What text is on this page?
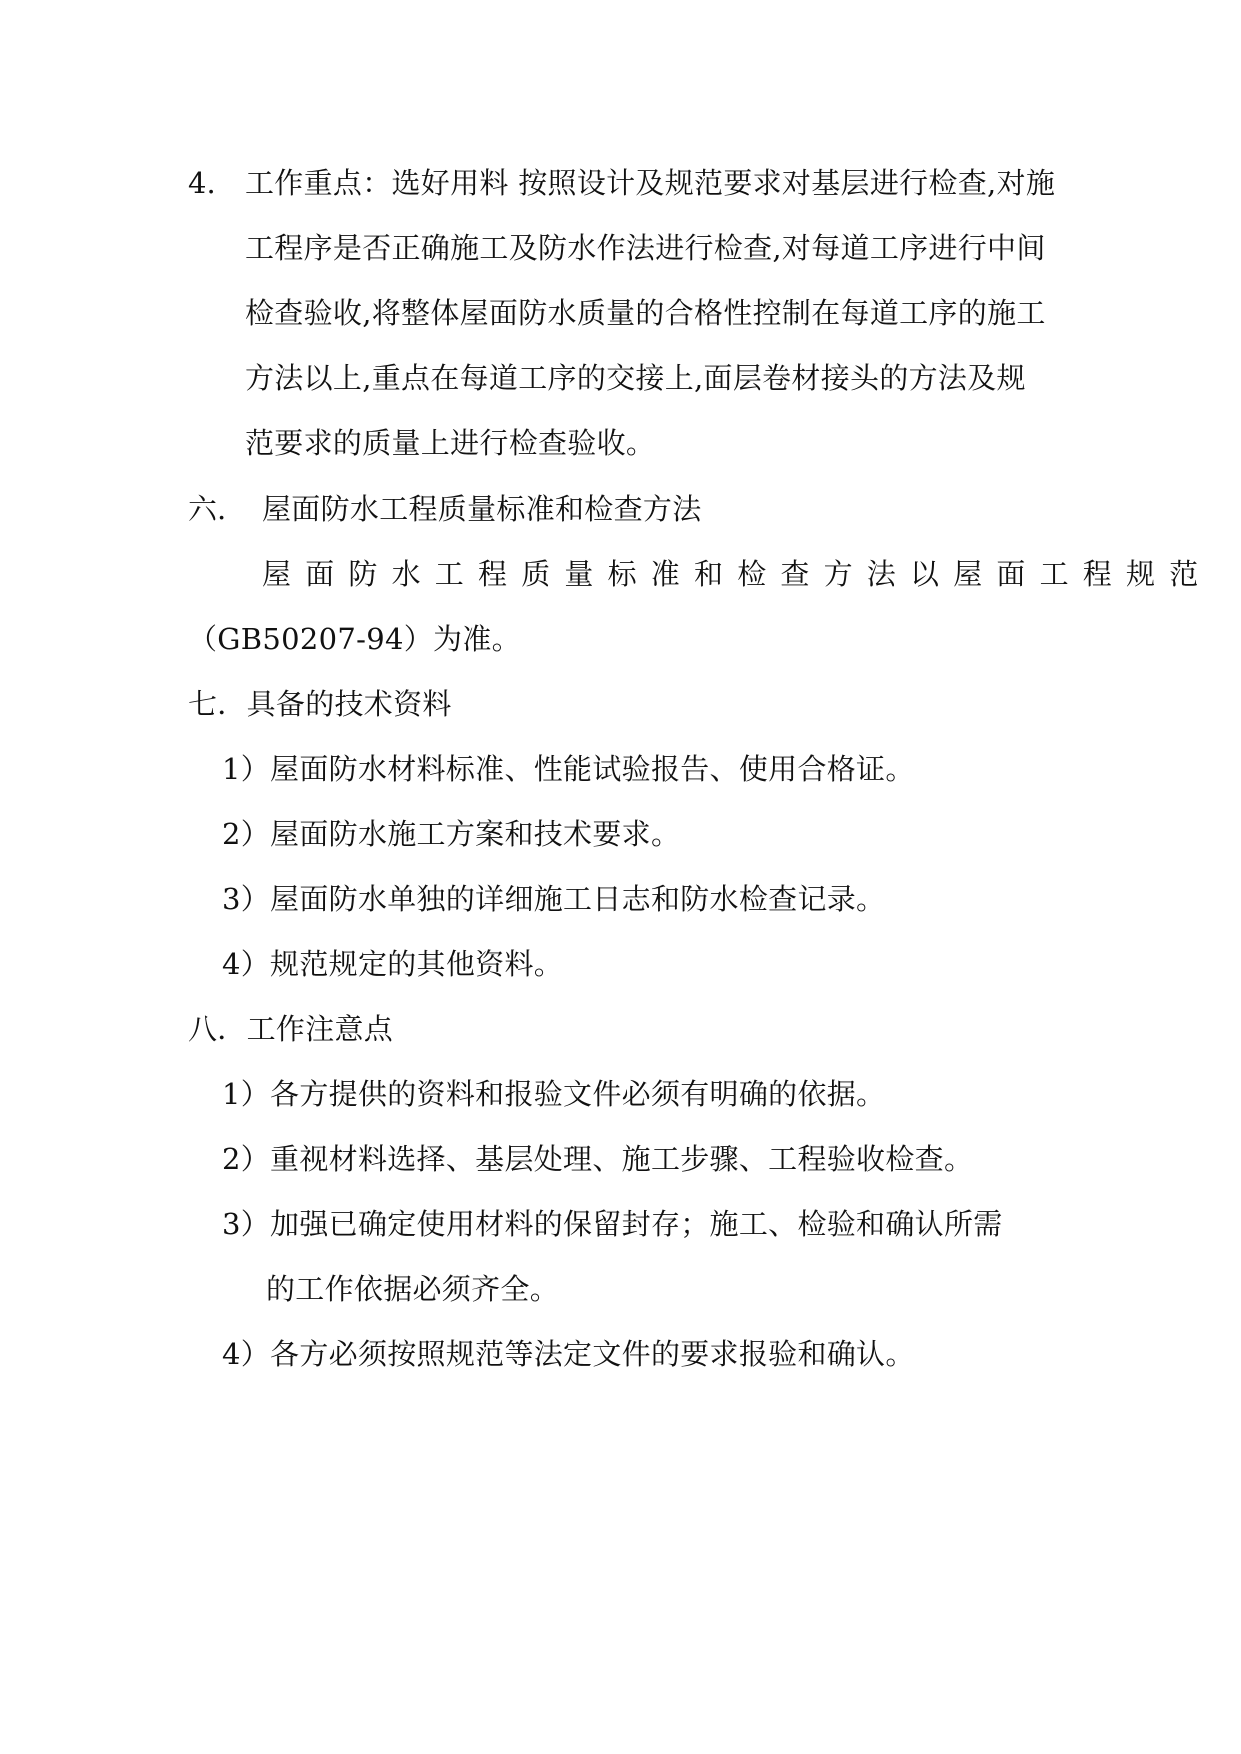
4. 工作重点：选好用料 按照设计及规范要求对基层进行检查,对施
工程序是否正确施工及防水作法进行检查,对每道工序进行中间
检查验收,将整体屋面防水质量的合格性控制在每道工序的施工
方法以上,重点在每道工序的交接上,面层卷材接头的方法及规
范要求的质量上进行检查验收。
六. 屋面防水工程质量标准和检查方法
屋面防水工程质量标准和检查方法以屋面工程规范
（GB50207-94）为准。
七．具备的技术资料
1）屋面防水材料标准、性能试验报告、使用合格证。
2）屋面防水施工方案和技术要求。
3）屋面防水单独的详细施工日志和防水检查记录。
4）规范规定的其他资料。
八．工作注意点
1）各方提供的资料和报验文件必须有明确的依据。
2）重视材料选择、基层处理、施工步骤、工程验收检查。
3）加强已确定使用材料的保留封存；施工、检验和确认所需
的工作依据必须齐全。
4）各方必须按照规范等法定文件的要求报验和确认。
